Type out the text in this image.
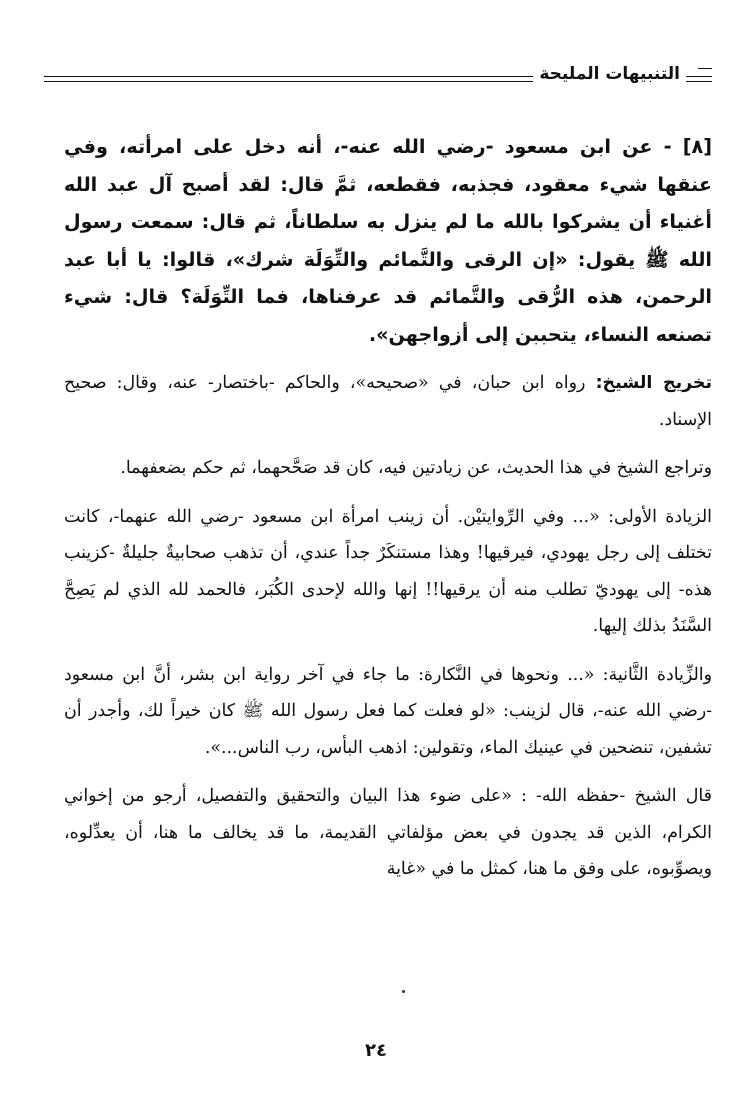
التنبيهات المليحة

[٨] - عن ابن مسعود -رضي الله عنه-، أنه دخل على امرأته، وفي عنقها شيء معقود، فجذبه، فقطعه، ثمَّ قال: لقد أصبح آل عبد الله أغنياء أن يشركوا بالله ما لم ينزل به سلطاناً، ثم قال: سمعت رسول الله ﷺ يقول: «إن الرقى والتَّمائم والتِّوَلَة شرك»، قالوا: يا أبا عبد الرحمن، هذه الرُّقى والتَّمائم قد عرفناها، فما التِّوَلَة؟ قال: شيء تصنعه النساء، يتحببن إلى أزواجهن».

تخريج الشيخ: رواه ابن حبان، في «صحيحه»، والحاكم -باختصار- عنه، وقال: صحيح الإسناد.

وتراجع الشيخ في هذا الحديث، عن زيادتين فيه، كان قد صَحَّحهما، ثم حكم بضعفهما.

الزيادة الأولى: «... وفي الرِّوايتيْن. أن زينب امرأة ابن مسعود -رضي الله عنهما-، كانت تختلف إلى رجل يهودي، فيرقيها! وهذا مستنكَرٌ جداً عندي، أن تذهب صحابيةٌ جليلةٌ -كزينب هذه- إلى يهوديّ تطلب منه أن يرقيها!! إنها والله لإحدى الكُبَر، فالحمد لله الذي لم يَصِحَّ السَّنَدُ بذلك إليها.

والزِّيادة الثَّانية: «... ونحوها في النَّكارة: ما جاء في آخر رواية ابن بشر، أنَّ ابن مسعود -رضي الله عنه-، قال لزينب: «لو فعلت كما فعل رسول الله ﷺ كان خيراً لك، وأجدر أن تشفين، تنضحين في عينيك الماء، وتقولين: اذهب البأس، رب الناس...».

قال الشيخ -حفظه الله- : «على ضوء هذا البيان والتحقيق والتفصيل، أرجو من إخواني الكرام، الذين قد يجدون في بعض مؤلفاتي القديمة، ما قد يخالف ما هنا، أن يعدِّلوه، ويصوِّبوه، على وفق ما هنا، كمثل ما في «غاية

٢٤
